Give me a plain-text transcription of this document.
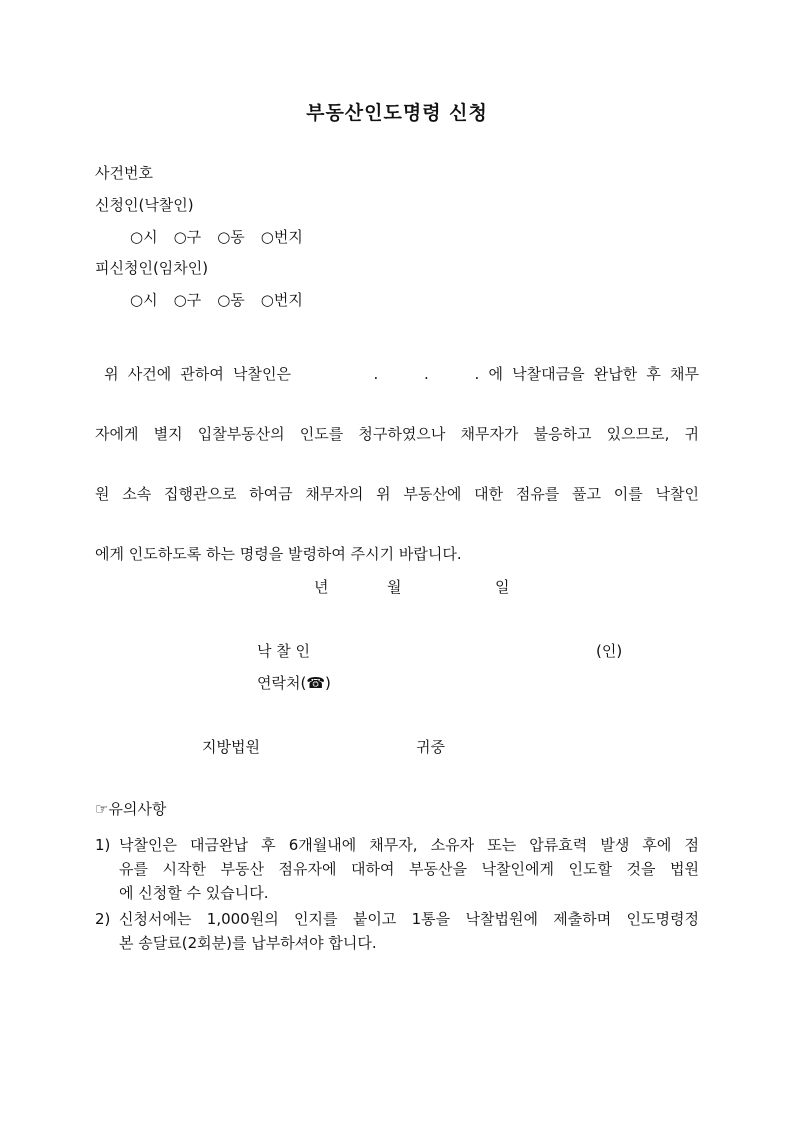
부동산인도명령 신청
사건번호
신청인(낙찰인)
○시 ○구 ○동 ○번지
피신청인(임차인)
○시 ○구 ○동 ○번지
위 사건에 관하여 낙찰인은         .     .     . 에 낙찰대금을 완납한 후 채무
자에게 별지 입찰부동산의 인도를 청구하였으나 채무자가 불응하고 있으므로, 귀
원 소속 집행관으로 하여금 채무자의 위 부동산에 대한 점유를 풀고 이를 낙찰인
에게 인도하도록 하는 명령을 발령하여 주시기 바랍니다.
년	월	일
낙 찰 인	(인)
연락처(☎)
지방법원	귀중
☞유의사항
1) 낙찰인은 대금완납 후 6개월내에 채무자, 소유자 또는 압류효력 발생 후에 점
유를 시작한 부동산 점유자에 대하여 부동산을 낙찰인에게 인도할 것을 법원
에 신청할 수 있습니다.
2) 신청서에는 1,000원의 인지를 붙이고 1통을 낙찰법원에 제출하며 인도명령정
본 송달료(2회분)를 납부하셔야 합니다.
